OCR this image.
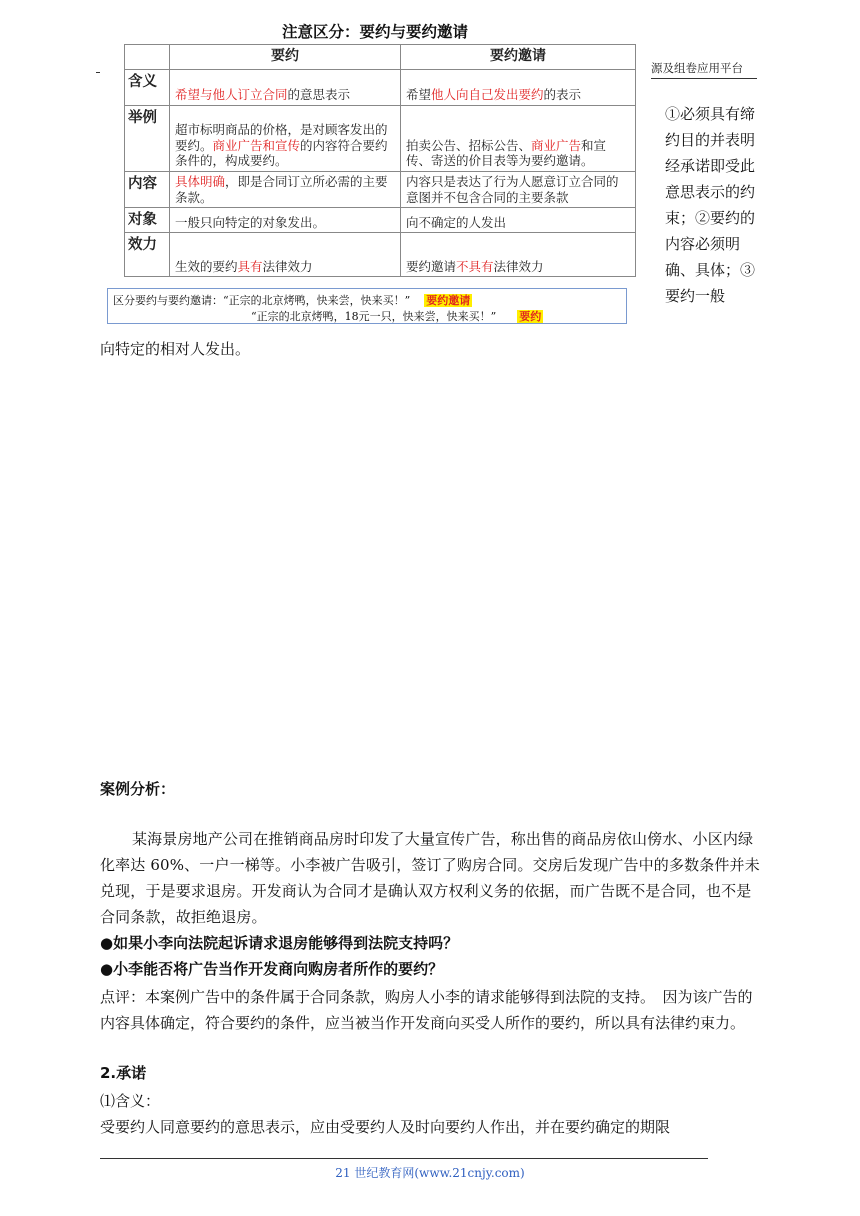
注意区分：要约与要约邀请
	要约	要约邀请
含义	希望与他人订立合同的意思表示	希望他人向自己发出要约的表示
举例	超市标明商品的价格，是对顾客发出的要约。商业广告和宣传的内容符合要约条件的，构成要约。	拍卖公告、招标公告、商业广告和宣传、寄送的价目表等为要约邀请。
内容	具体明确，即是合同订立所必需的主要条款。	内容只是表达了行为人愿意订立合同的意图并不包含合同的主要条款
对象	一般只向特定的对象发出。	向不确定的人发出
效力	生效的要约具有法律效力	要约邀请不具有法律效力
区分要约与要约邀请：“正宗的北京烤鸭，快来尝，快来买！” 要约邀请
“正宗的北京烤鸭，18元一只，快来尝，快来买！” 要约
源及组卷应用平台
①必须具有缔约目的并表明经承诺即受此意思表示的约束；②要约的内容必须明确、具体；③要约一般
向特定的相对人发出。
案例分析：
某海景房地产公司在推销商品房时印发了大量宣传广告，称出售的商品房依山傍水、小区内绿化率达 60%、一户一梯等。小李被广告吸引，签订了购房合同。交房后发现广告中的多数条件并未兑现，于是要求退房。开发商认为合同才是确认双方权利义务的依据，而广告既不是合同，也不是合同条款，故拒绝退房。
●如果小李向法院起诉请求退房能够得到法院支持吗？
●小李能否将广告当作开发商向购房者所作的要约？
点评：本案例广告中的条件属于合同条款，购房人小李的请求能够得到法院的支持。　因为该广告的内容具体确定，符合要约的条件，应当被当作开发商向买受人所作的要约，所以具有法律约束力。
2.承诺
⑴含义：
受要约人同意要约的意思表示，应由受要约人及时向要约人作出，并在要约确定的期限
21 世纪教育网(www.21cnjy.com)
